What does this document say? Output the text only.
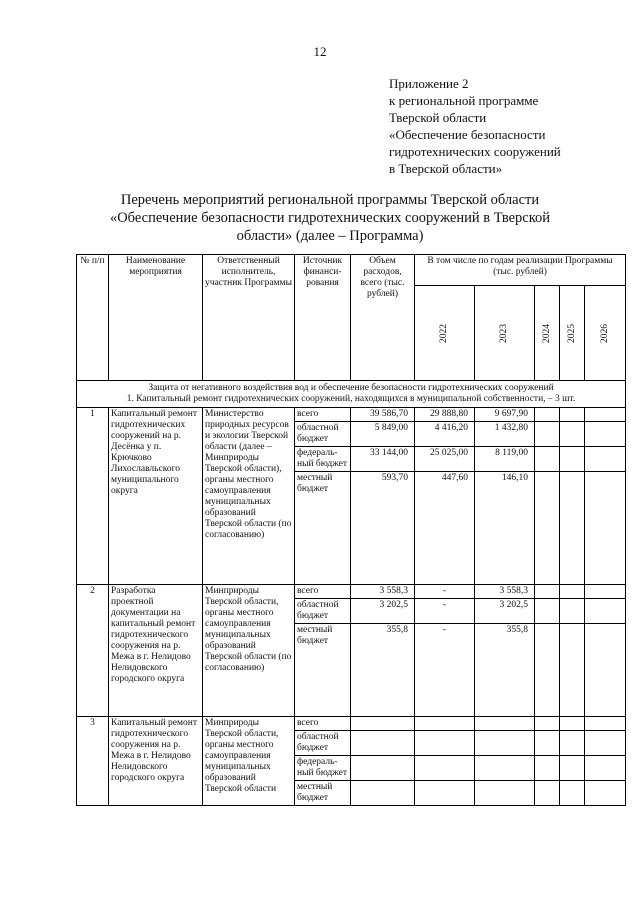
12
Приложение 2
к региональной программе
Тверской области
«Обеспечение безопасности
гидротехнических сооружений
в Тверской области»
Перечень мероприятий региональной программы Тверской области
«Обеспечение безопасности гидротехнических сооружений в Тверской
области» (далее – Программа)
№ п/п	Наименование мероприятия	Ответственный исполнитель, участник Программы	Источник финанси- рования	Объем расходов, всего (тыс. рублей)	В том числе по годам реализации Программы (тыс. рублей)				
					2022	2023	2024	2025	2026

Защита от негативного воздействия вод и обеспечение безопасности гидротехнических сооружений
1. Капитальный ремонт гидротехнических сооружений, находящихся в муниципальной собственности, – 3 шт.									

1	Капитальный ремонт гидротехнических сооружений на р. Десёнка у п. Крючково Лихославльского муниципального округа	Министерство природных ресурсов и экологии Тверской области (далее – Минприроды Тверской области), органы местного самоуправления муниципальных образований Тверской области (по согласованию)	всего	39 586,70	29 888,80	9 697,90			
			областной бюджет	5 849,00	4 416,20	1 432,80			
			федераль-ный бюджет	33 144,00	25 025,00	8 119,00			
			местный бюджет	593,70	447,60	146,10			
2	Разработка проектной документации на капитальный ремонт гидротехнического сооружения на р. Межа в г. Нелидово Нелидовского городского округа	Минприроды Тверской области, органы местного самоуправления муниципальных образований Тверской области (по согласованию)	всего	3 558,3	-	3 558,3			
			областной бюджет	3 202,5	-	3 202,5			
			местный бюджет	355,8	-	355,8			
3	Капитальный ремонт гидротехнического сооружения на р. Межа в г. Нелидово Нелидовского городского округа	Минприроды Тверской области, органы местного самоуправления муниципальных образований Тверской области	всего						
			областной бюджет						
			федераль-ный бюджет						
			местный бюджет						
